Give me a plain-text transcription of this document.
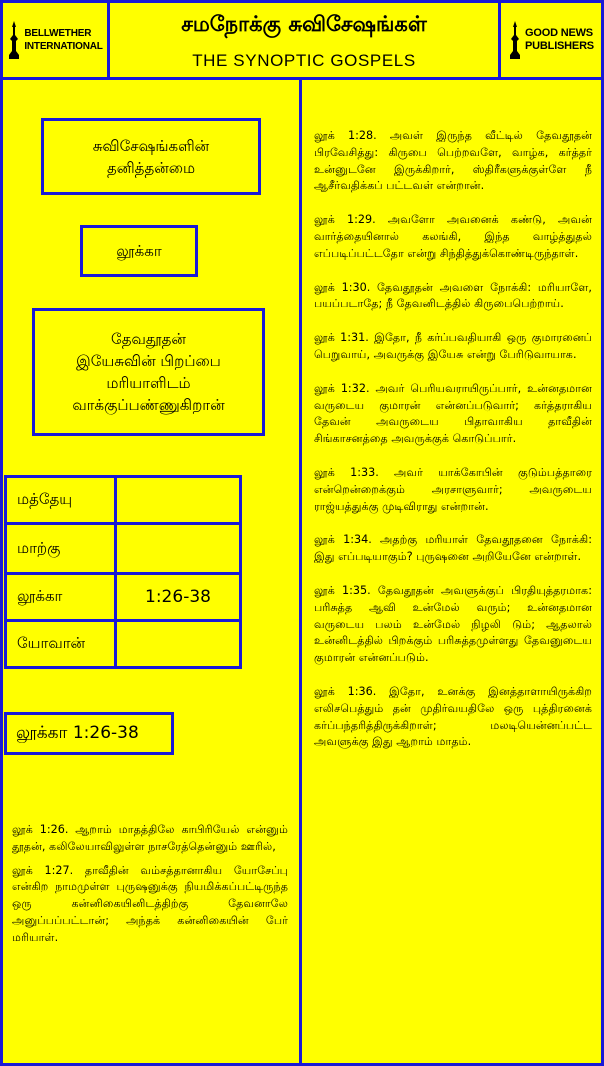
BELLWETHER
INTERNATIONAL
சமநோக்கு சுவிசேஷங்கள்
THE SYNOPTIC GOSPELS
GOOD NEWS
PUBLISHERS
சுவிசேஷங்களின்
தனித்தன்மை
லூக்கா
தேவதூதன்
இயேசுவின் பிறப்பை
மரியாளிடம்
வாக்குப்பண்ணுகிறான்
மத்தேயு
மாற்கு
லூக்கா	1:26-38
யோவான்
லூக்கா 1:26-38

லூக் 1:26. ஆறாம் மாதத்திலே காபிரியேல் என்னும் தூதன், கலிலேயாவிலுள்ள நாசரேத்தென்னும் ஊரில்,

லூக் 1:27. தாவீதின் வம்சத்தானாகிய யோசேப்பு என்கிற நாமமுள்ள புருஷனுக்கு நியமிக்கப்பட்டிருந்த ஒரு கன்னிகையினிடத்திற்கு தேவனாலே அனுப்பப்பட்டான்; அந்தக் கன்னிகையின் பேர் மரியாள்.

லூக் 1:28. அவள் இருந்த வீட்டில் தேவதூதன் பிரவேசித்து: கிருபை பெற்றவளே, வாழ்க, கர்த்தர் உன்னுடனே இருக்கிறார், ஸ்திரீகளுக்குள்ளே நீ ஆசீர்வதிக்கப் பட்டவள் என்றான்.

லூக் 1:29. அவளோ அவனைக் கண்டு, அவன் வார்த்தையினால் கலங்கி, இந்த வாழ்த்துதல் எப்படிப்பட்டதோ என்று சிந்தித்துக்கொண்டிருந்தாள்.

லூக் 1:30. தேவதூதன் அவளை நோக்கி: மரியாளே, பயப்படாதே; நீ தேவனிடத்தில் கிருபைபெற்றாய்.

லூக் 1:31. இதோ, நீ கர்ப்பவதியாகி ஒரு குமாரனைப் பெறுவாய், அவருக்கு இயேசு என்று பேரிடுவாயாக.

லூக் 1:32. அவர் பெரியவராயிருப்பார், உன்னதமான வருடைய குமாரன் என்னப்படுவார்; கர்த்தராகிய தேவன் அவருடைய பிதாவாகிய தாவீதின் சிங்காசனத்தை அவருக்குக் கொடுப்பார்.

லூக் 1:33. அவர் யாக்கோபின் குடும்பத்தாரை என்றென்றைக்கும் அரசாளுவார்; அவருடைய ராஜ்யத்துக்கு முடிவிராது என்றான்.

லூக் 1:34. அதற்கு மரியாள் தேவதூதனை நோக்கி: இது எப்படியாகும்? புருஷனை அறியேனே என்றாள்.

லூக் 1:35. தேவதூதன் அவளுக்குப் பிரதியுத்தரமாக: பரிசுத்த ஆவி உன்மேல் வரும்; உன்னதமான வருடைய பலம் உன்மேல் நிழலி டும்; ஆதலால் உன்னிடத்தில் பிறக்கும் பரிசுத்தமுள்ளது தேவனுடைய குமாரன் என்னப்படும்.

லூக் 1:36. இதோ, உனக்கு இனத்தாளாயிருக்கிற எலிசபெத்தும் தன் முதிர்வயதிலே ஒரு புத்திரனைக் கர்ப்பந்தரித்திருக்கிறாள்; மலடியென்னப்பட்ட அவளுக்கு இது ஆறாம் மாதம்.
